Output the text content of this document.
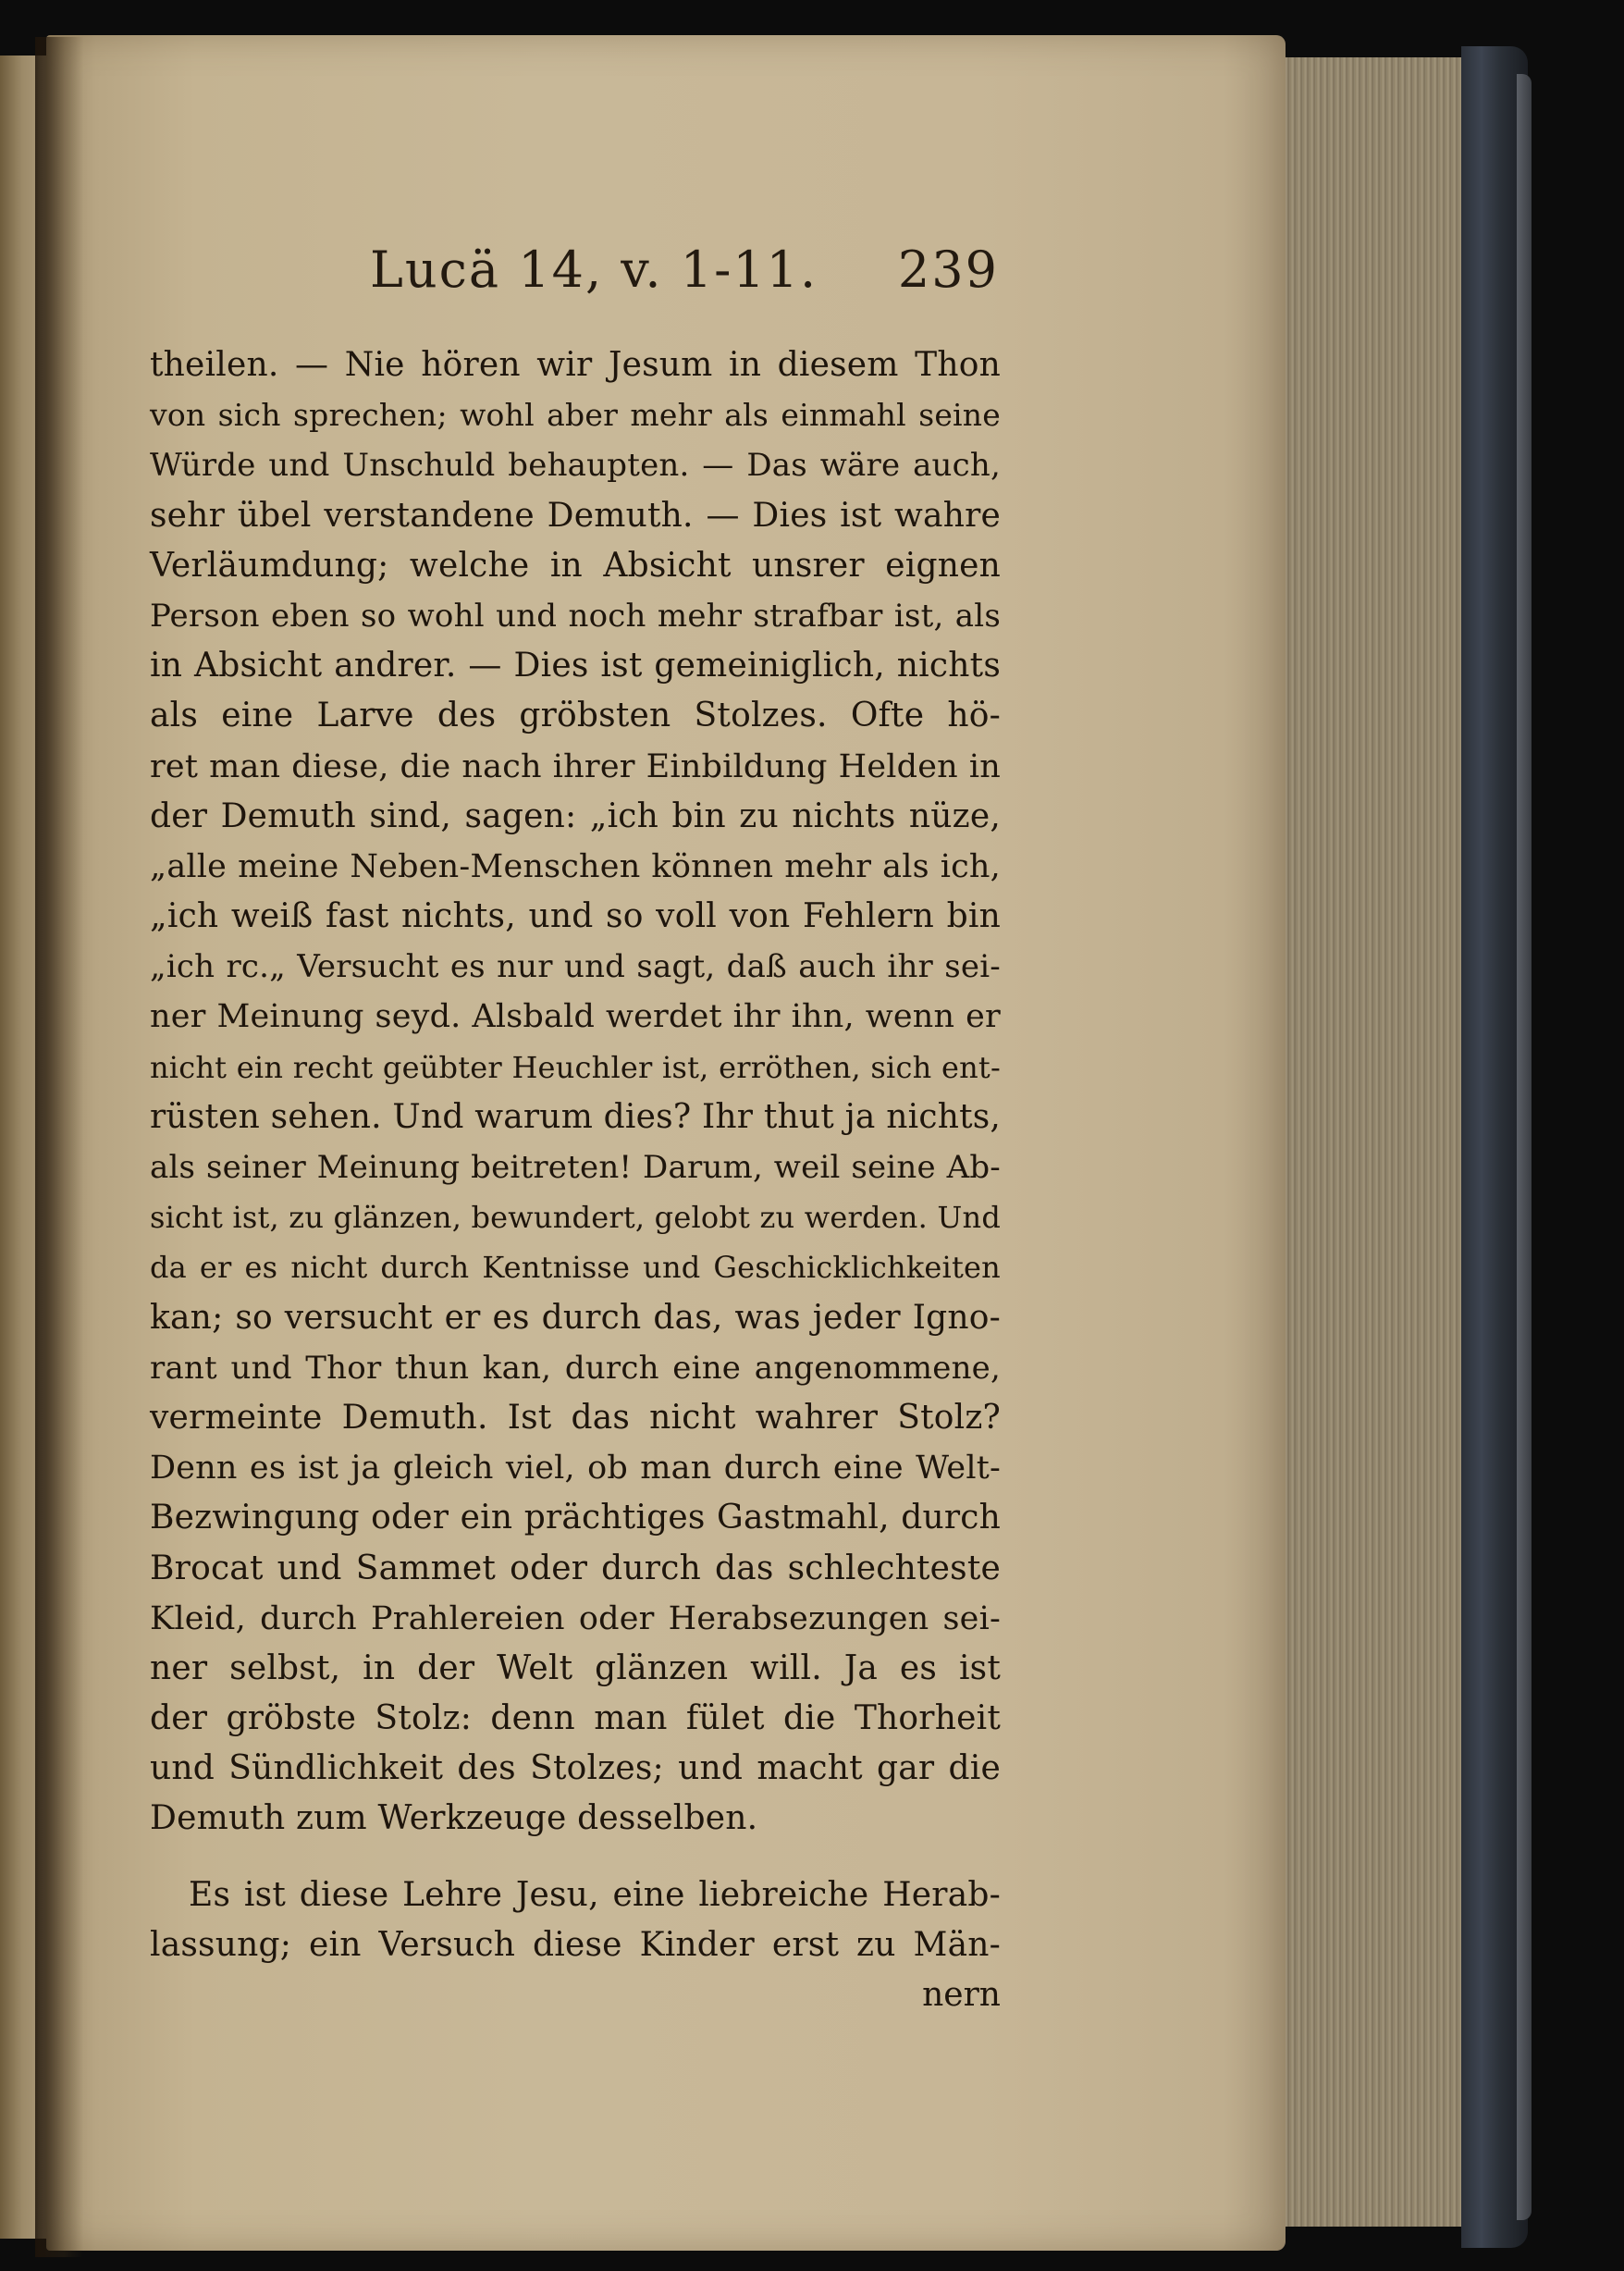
Lucä 14, v. 1-11. 239
theilen. — Nie hören wir Jesum in diesem Thon
von sich sprechen; wohl aber mehr als einmahl seine
Würde und Unschuld behaupten. — Das wäre auch,
sehr übel verstandene Demuth. — Dies ist wahre
Verläumdung; welche in Absicht unsrer eignen
Person eben so wohl und noch mehr strafbar ist, als
in Absicht andrer. — Dies ist gemeiniglich, nichts
als eine Larve des gröbsten Stolzes. Ofte hö-
ret man diese, die nach ihrer Einbildung Helden in
der Demuth sind, sagen: „ich bin zu nichts nüze,
„alle meine Neben-Menschen können mehr als ich,
„ich weiß fast nichts, und so voll von Fehlern bin
„ich rc.„ Versucht es nur und sagt, daß auch ihr sei-
ner Meinung seyd. Alsbald werdet ihr ihn, wenn er
nicht ein recht geübter Heuchler ist, erröthen, sich ent-
rüsten sehen. Und warum dies? Ihr thut ja nichts,
als seiner Meinung beitreten! Darum, weil seine Ab-
sicht ist, zu glänzen, bewundert, gelobt zu werden. Und
da er es nicht durch Kentnisse und Geschicklichkeiten
kan; so versucht er es durch das, was jeder Igno-
rant und Thor thun kan, durch eine angenommene,
vermeinte Demuth. Ist das nicht wahrer Stolz?
Denn es ist ja gleich viel, ob man durch eine Welt-
Bezwingung oder ein prächtiges Gastmahl, durch
Brocat und Sammet oder durch das schlechteste
Kleid, durch Prahlereien oder Herabsezungen sei-
ner selbst, in der Welt glänzen will. Ja es ist
der gröbste Stolz: denn man fület die Thorheit
und Sündlichkeit des Stolzes; und macht gar die
Demuth zum Werkzeuge desselben.
Es ist diese Lehre Jesu, eine liebreiche Herab-
lassung; ein Versuch diese Kinder erst zu Män-
nern
